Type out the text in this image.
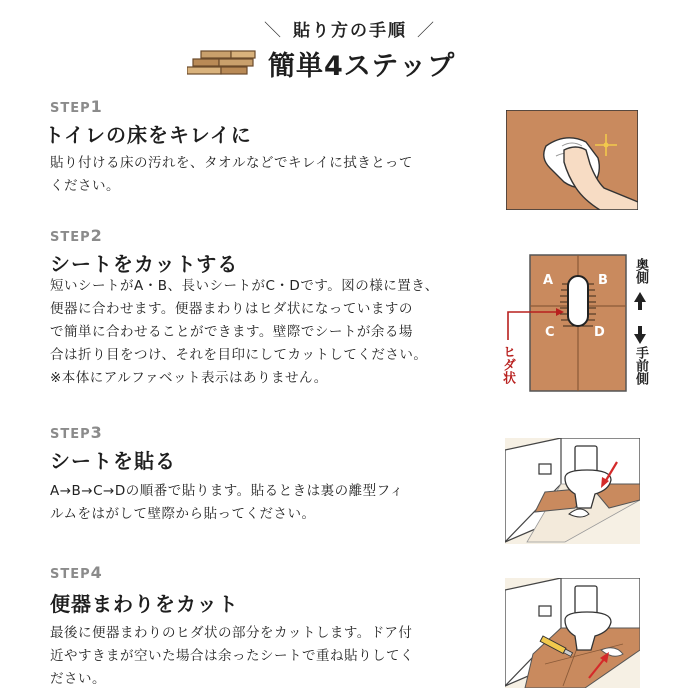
＼ 貼り方の手順 ／
簡単4ステップ
STEP1
トイレの床をキレイに
貼り付ける床の汚れを、タオルなどでキレイに拭きとって
ください。
STEP2
シートをカットする
短いシートがA・B、長いシートがC・Dです。図の様に置き、
便器に合わせます。便器まわりはヒダ状になっていますの
で簡単に合わせることができます。壁際でシートが余る場
合は折り目をつけ、それを目印にしてカットしてください。
※本体にアルファベット表示はありません。
A	B
C	D
ヒダ状
奥側
手前側
STEP3
シートを貼る
A→B→C→Dの順番で貼ります。貼るときは裏の離型フィ
ルムをはがして壁際から貼ってください。
STEP4
便器まわりをカット
最後に便器まわりのヒダ状の部分をカットします。ドア付
近やすきまが空いた場合は余ったシートで重ね貼りしてく
ださい。
